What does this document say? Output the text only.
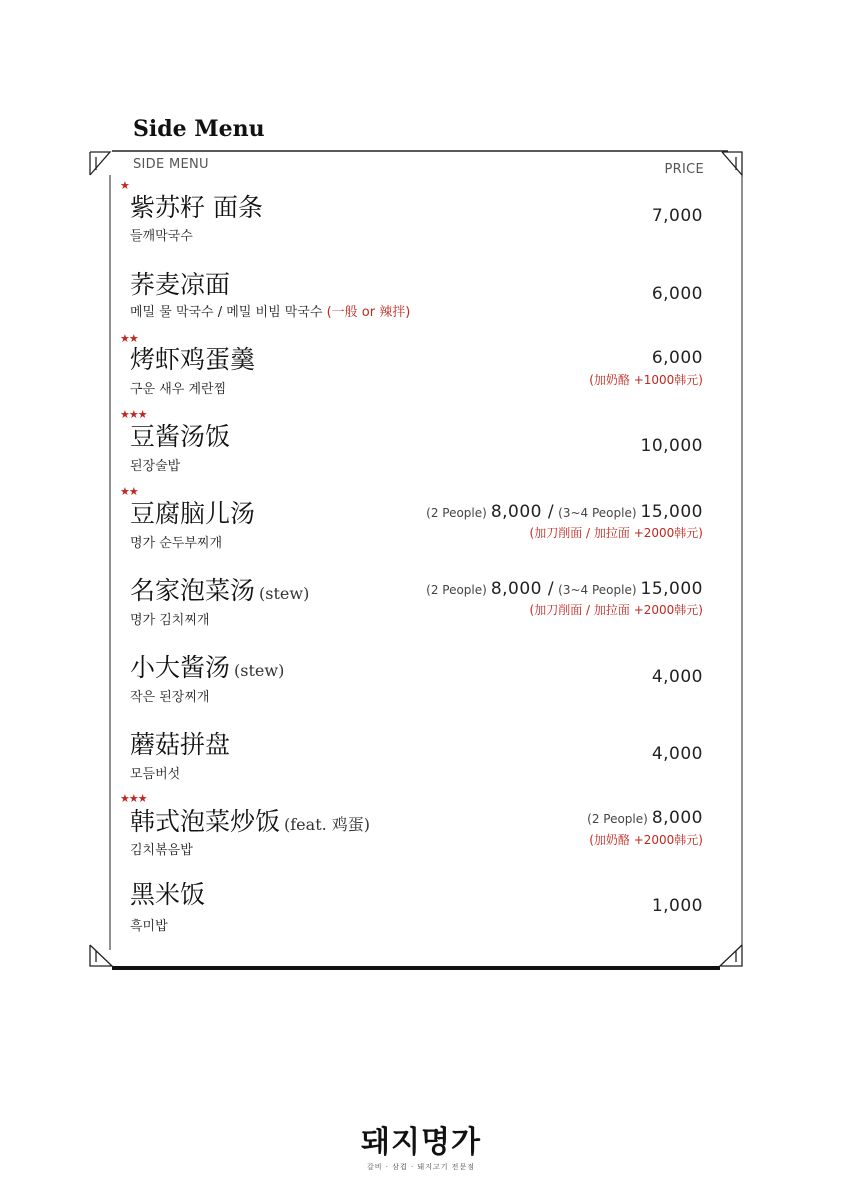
Side Menu
SIDE MENU	PRICE
★
紫苏籽 面条
들깨막국수
7,000
荞麦凉面
메밀 물 막국수 / 메밀 비빔 막국수 (一般 or 辣拌)
6,000
★★
烤虾鸡蛋羹
구운 새우 계란찜
6,000
(加奶酪 +1000韩元)
★★★
豆酱汤饭
된장술밥
10,000
★★
豆腐脑儿汤
명가 순두부찌개
(2 People) 8,000 / (3~4 People) 15,000
(加刀削面 / 加拉面 +2000韩元)
名家泡菜汤 (stew)
명가 김치찌개
(2 People) 8,000 / (3~4 People) 15,000
(加刀削面 / 加拉面 +2000韩元)
小大酱汤 (stew)
작은 된장찌개
4,000
蘑菇拼盘
모듬버섯
4,000
★★★
韩式泡菜炒饭 (feat. 鸡蛋)
김치볶음밥
(2 People) 8,000
(加奶酪 +2000韩元)
黑米饭
흑미밥
1,000
돼지명가
갈비 · 삼겹 · 돼지고기 전문점
